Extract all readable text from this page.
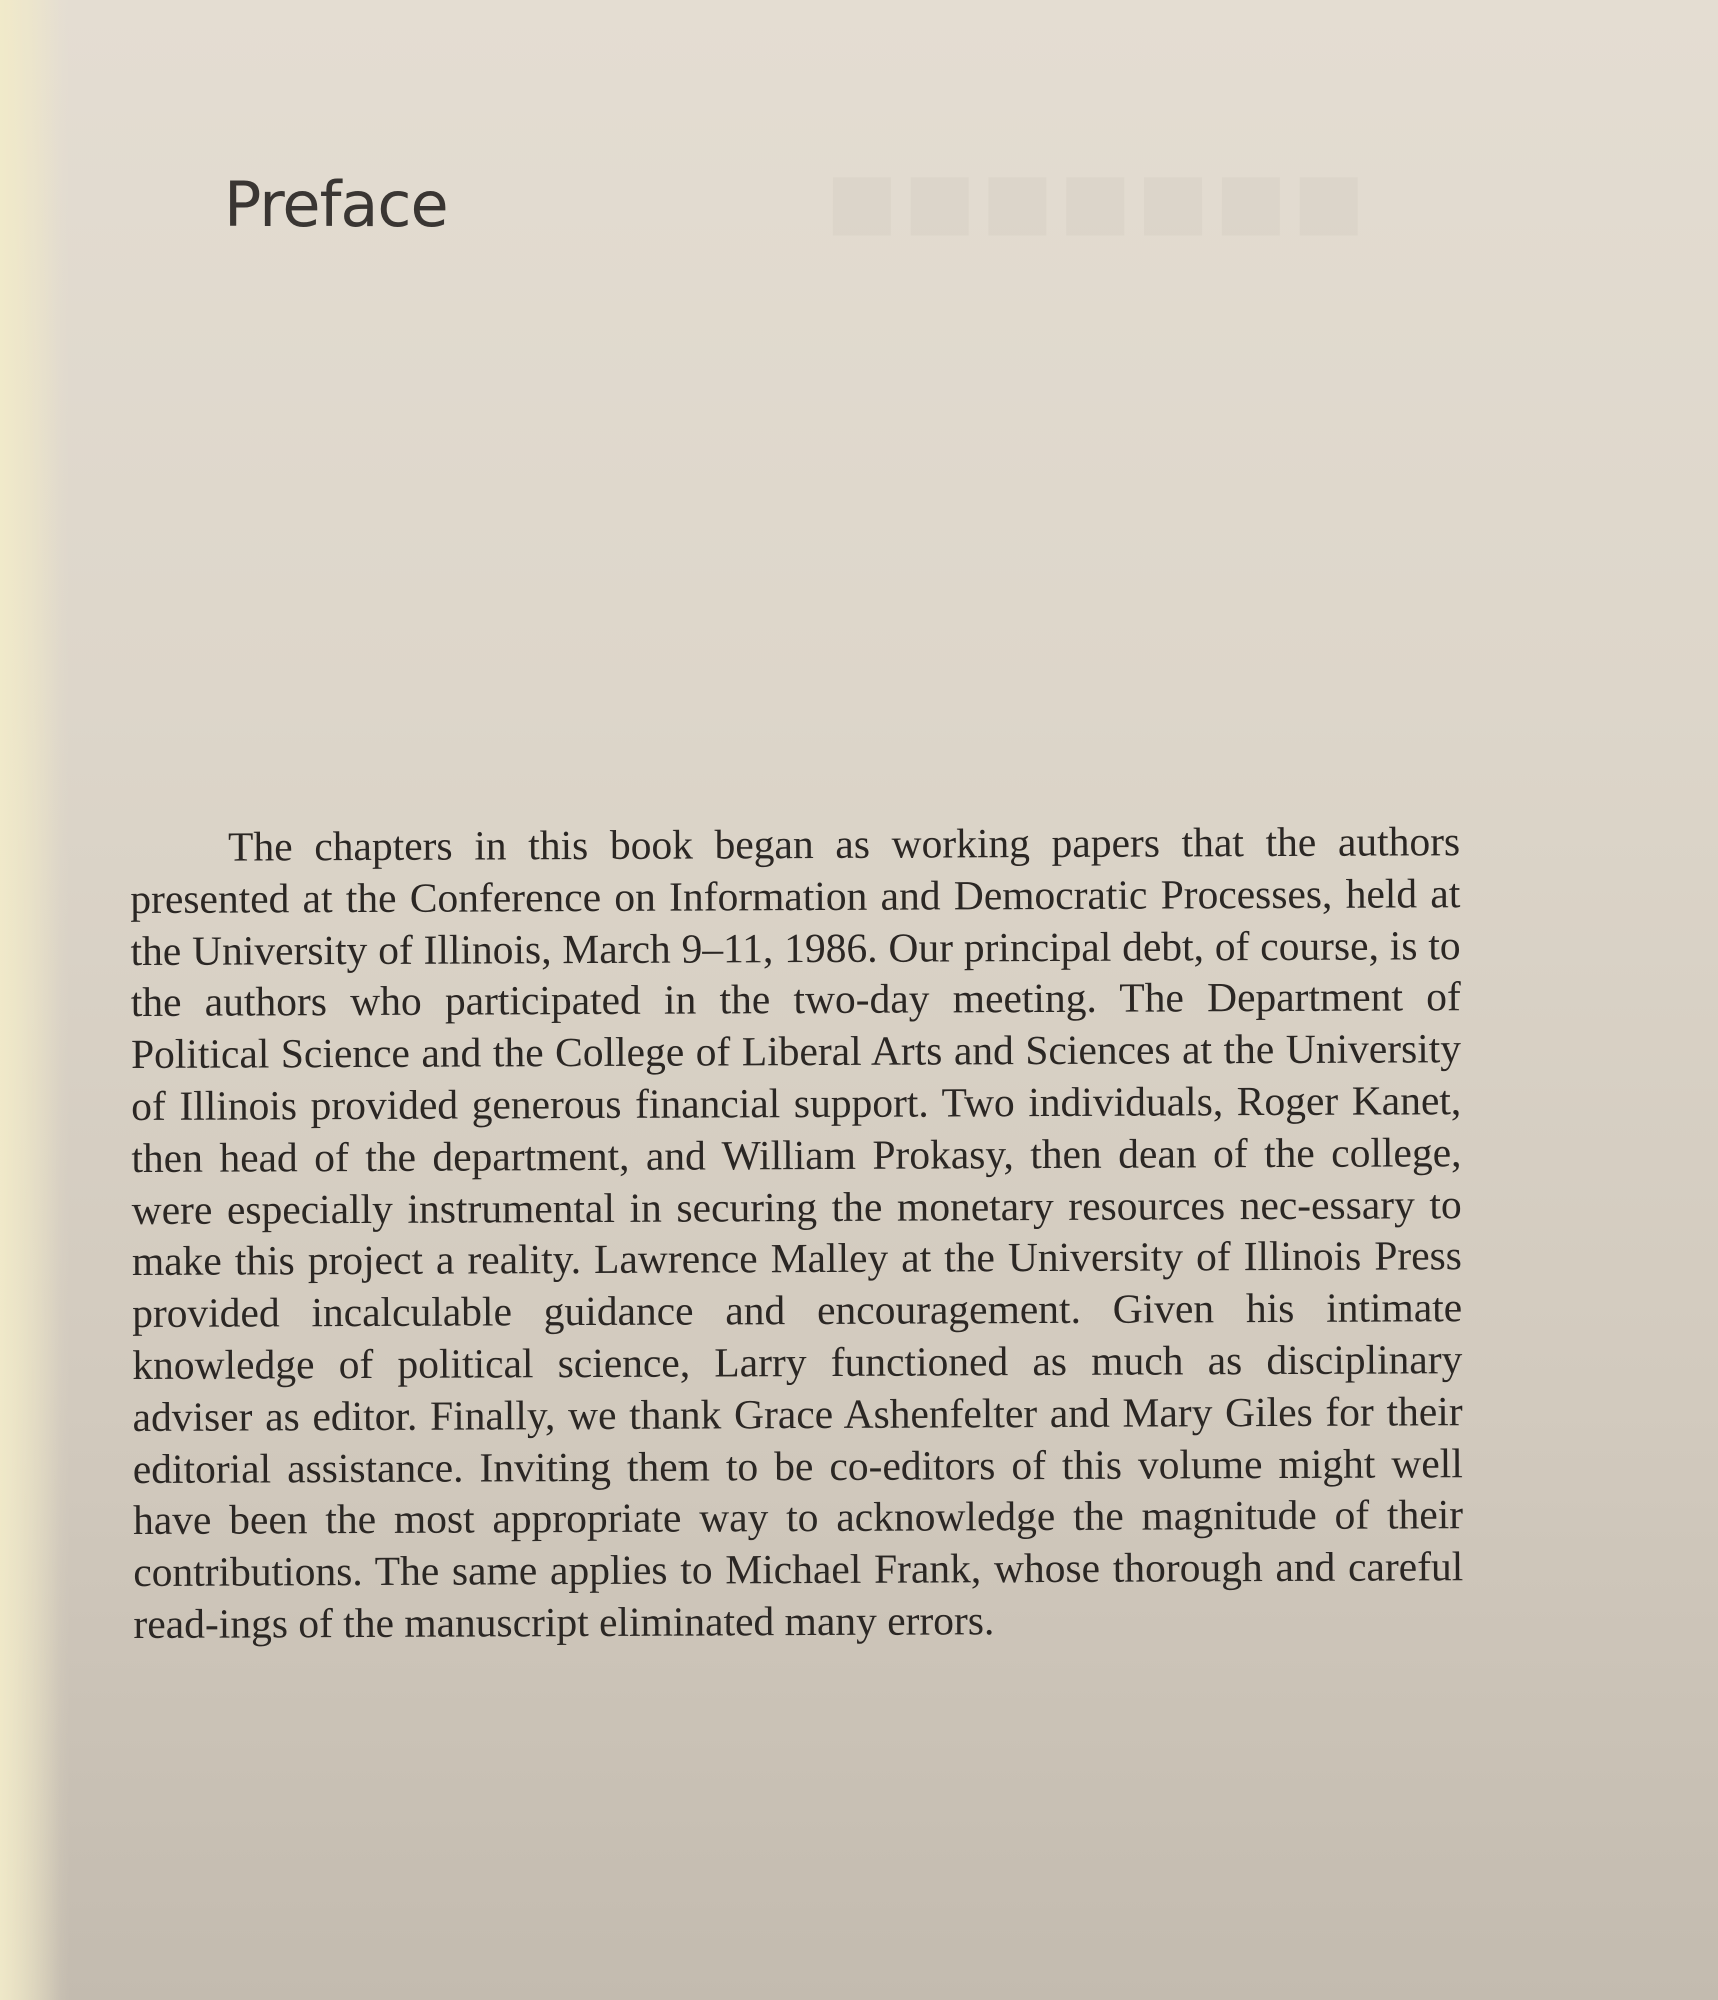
■■■■■■■
Preface

The chapters in this book began as working papers that the authors presented at the Conference on Information and Democratic Processes, held at the University of Illinois, March 9–11, 1986. Our principal debt, of course, is to the authors who participated in the two-day meeting. The Department of Political Science and the College of Liberal Arts and Sciences at the University of Illinois provided generous financial support. Two individuals, Roger Kanet, then head of the department, and William Prokasy, then dean of the college, were especially instrumental in securing the monetary resources nec-essary to make this project a reality. Lawrence Malley at the University of Illinois Press provided incalculable guidance and encouragement. Given his intimate knowledge of political science, Larry functioned as much as disciplinary adviser as editor. Finally, we thank Grace Ashenfelter and Mary Giles for their editorial assistance. Inviting them to be co-editors of this volume might well have been the most appropriate way to acknowledge the magnitude of their contributions. The same applies to Michael Frank, whose thorough and careful read-ings of the manuscript eliminated many errors.
